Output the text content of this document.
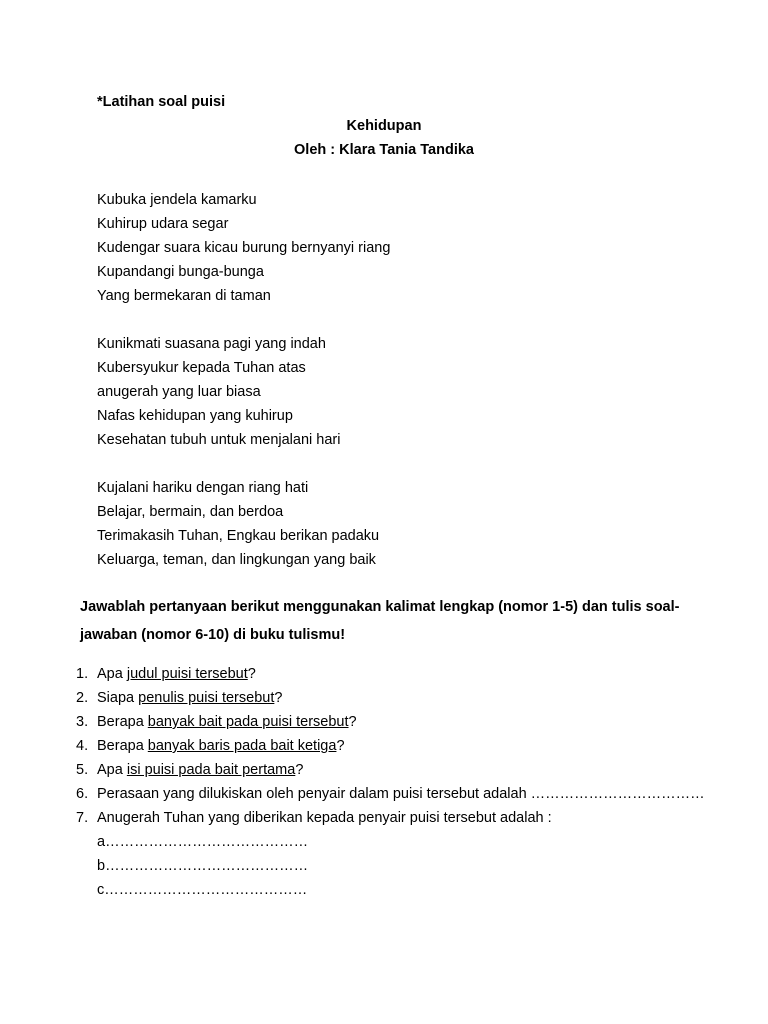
*Latihan soal puisi
Kehidupan
Oleh : Klara Tania Tandika
Kubuka jendela kamarku
Kuhirup udara segar
Kudengar suara kicau burung bernyanyi riang
Kupandangi bunga-bunga
Yang bermekaran di taman
Kunikmati suasana pagi yang indah
Kubersyukur kepada Tuhan atas
anugerah yang luar biasa
Nafas kehidupan yang kuhirup
Kesehatan tubuh untuk menjalani hari
Kujalani hariku dengan riang hati
Belajar, bermain, dan berdoa
Terimakasih Tuhan, Engkau berikan padaku
Keluarga, teman, dan lingkungan yang baik
Jawablah pertanyaan berikut menggunakan kalimat lengkap (nomor 1-5) dan tulis soal-
jawaban (nomor 6-10) di buku tulismu!
1. Apa judul puisi tersebut?
2. Siapa penulis puisi tersebut?
3. Berapa banyak bait pada puisi tersebut?
4. Berapa banyak baris pada bait ketiga?
5. Apa isi puisi pada bait pertama?
6. Perasaan yang dilukiskan oleh penyair dalam puisi tersebut adalah ………………………………
7. Anugerah Tuhan yang diberikan kepada penyair puisi tersebut adalah :
a……………………………………
b……………………………………
c……………………………………
